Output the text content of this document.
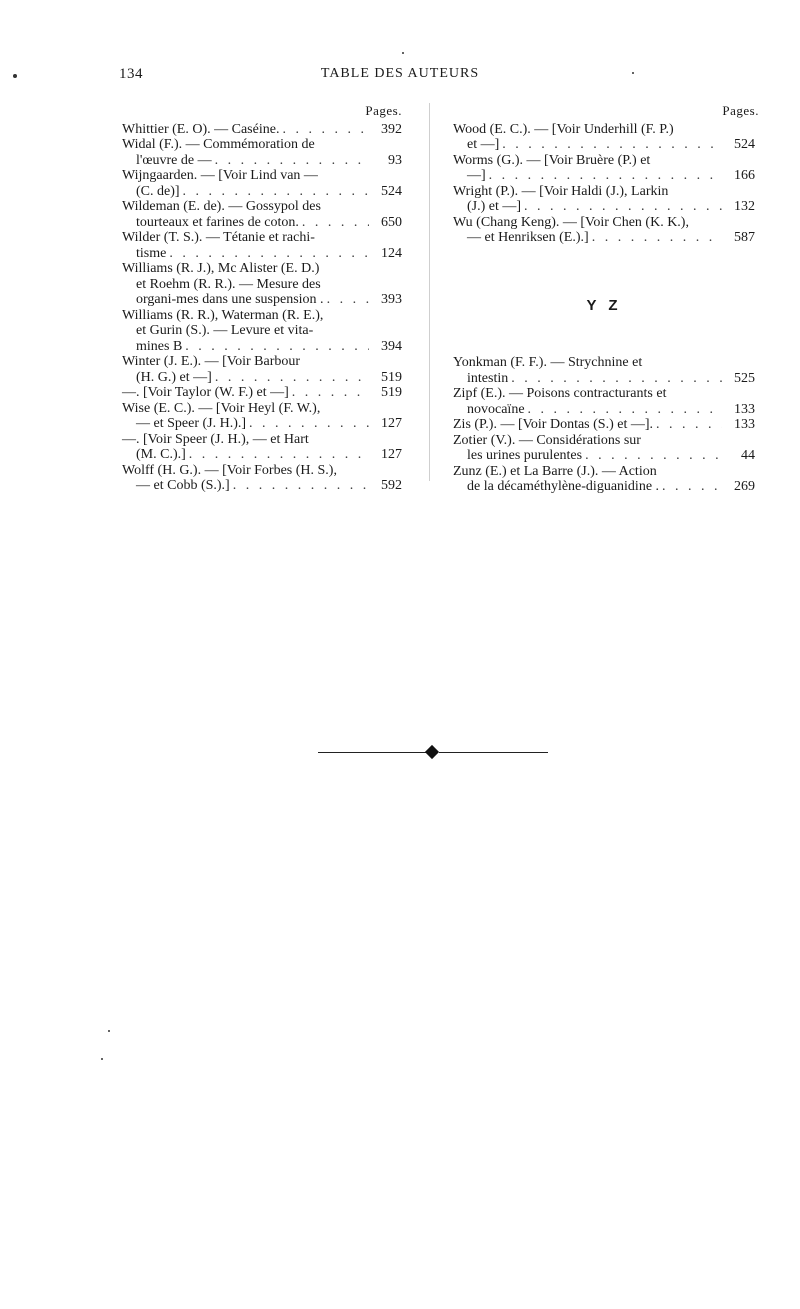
134	TABLE DES AUTEURS
Pages.
Whittier (E. O). — Caséine. . . .	392
Widal (F.). — Commémoration de
l'œuvre de — . . .	93
Wijngaarden. — [Voir Lind van —
(C. de)] . . .	524
Wildeman (E. de). — Gossypol des
tourteaux et farines de coton. . . .	650
Wilder (T. S.). — Tétanie et rachi-
tisme . . .	124
Williams (R. J.), Mc Alister (E. D.)
et Roehm (R. R.). — Mesure des
organi-mes dans une suspension . . . .	393
Williams (R. R.), Waterman (R. E.),
et Gurin (S.). — Levure et vita-
mines B . . .	394
Winter (J. E.). — [Voir Barbour
(H. G.) et —] . . .	519
—. [Voir Taylor (W. F.) et —] . . .	519
Wise (E. C.). — [Voir Heyl (F. W.),
— et Speer (J. H.).] . . .	127
—. [Voir Speer (J. H.), — et Hart
(M. C.).] . . .	127
Wolff (H. G.). — [Voir Forbes (H. S.),
— et Cobb (S.).] . . .	592
Pages.
Wood (E. C.). — [Voir Underhill (F. P.)
et —] . . .	524
Worms (G.). — [Voir Bruère (P.) et
—] . . .	166
Wright (P.). — [Voir Haldi (J.), Larkin
(J.) et —] . . .	132
Wu (Chang Keng). — [Voir Chen (K. K.),
— et Henriksen (E.).] . . .	587
Y Z
Yonkman (F. F.). — Strychnine et
intestin . . .	525
Zipf (E.). — Poisons contracturants et
novocaïne . . .	133
Zis (P.). — [Voir Dontas (S.) et —]. . . .	133
Zotier (V.). — Considérations sur
les urines purulentes . . .	44
Zunz (E.) et La Barre (J.). — Action
de la décaméthylène-diguanidine . . . .	269
